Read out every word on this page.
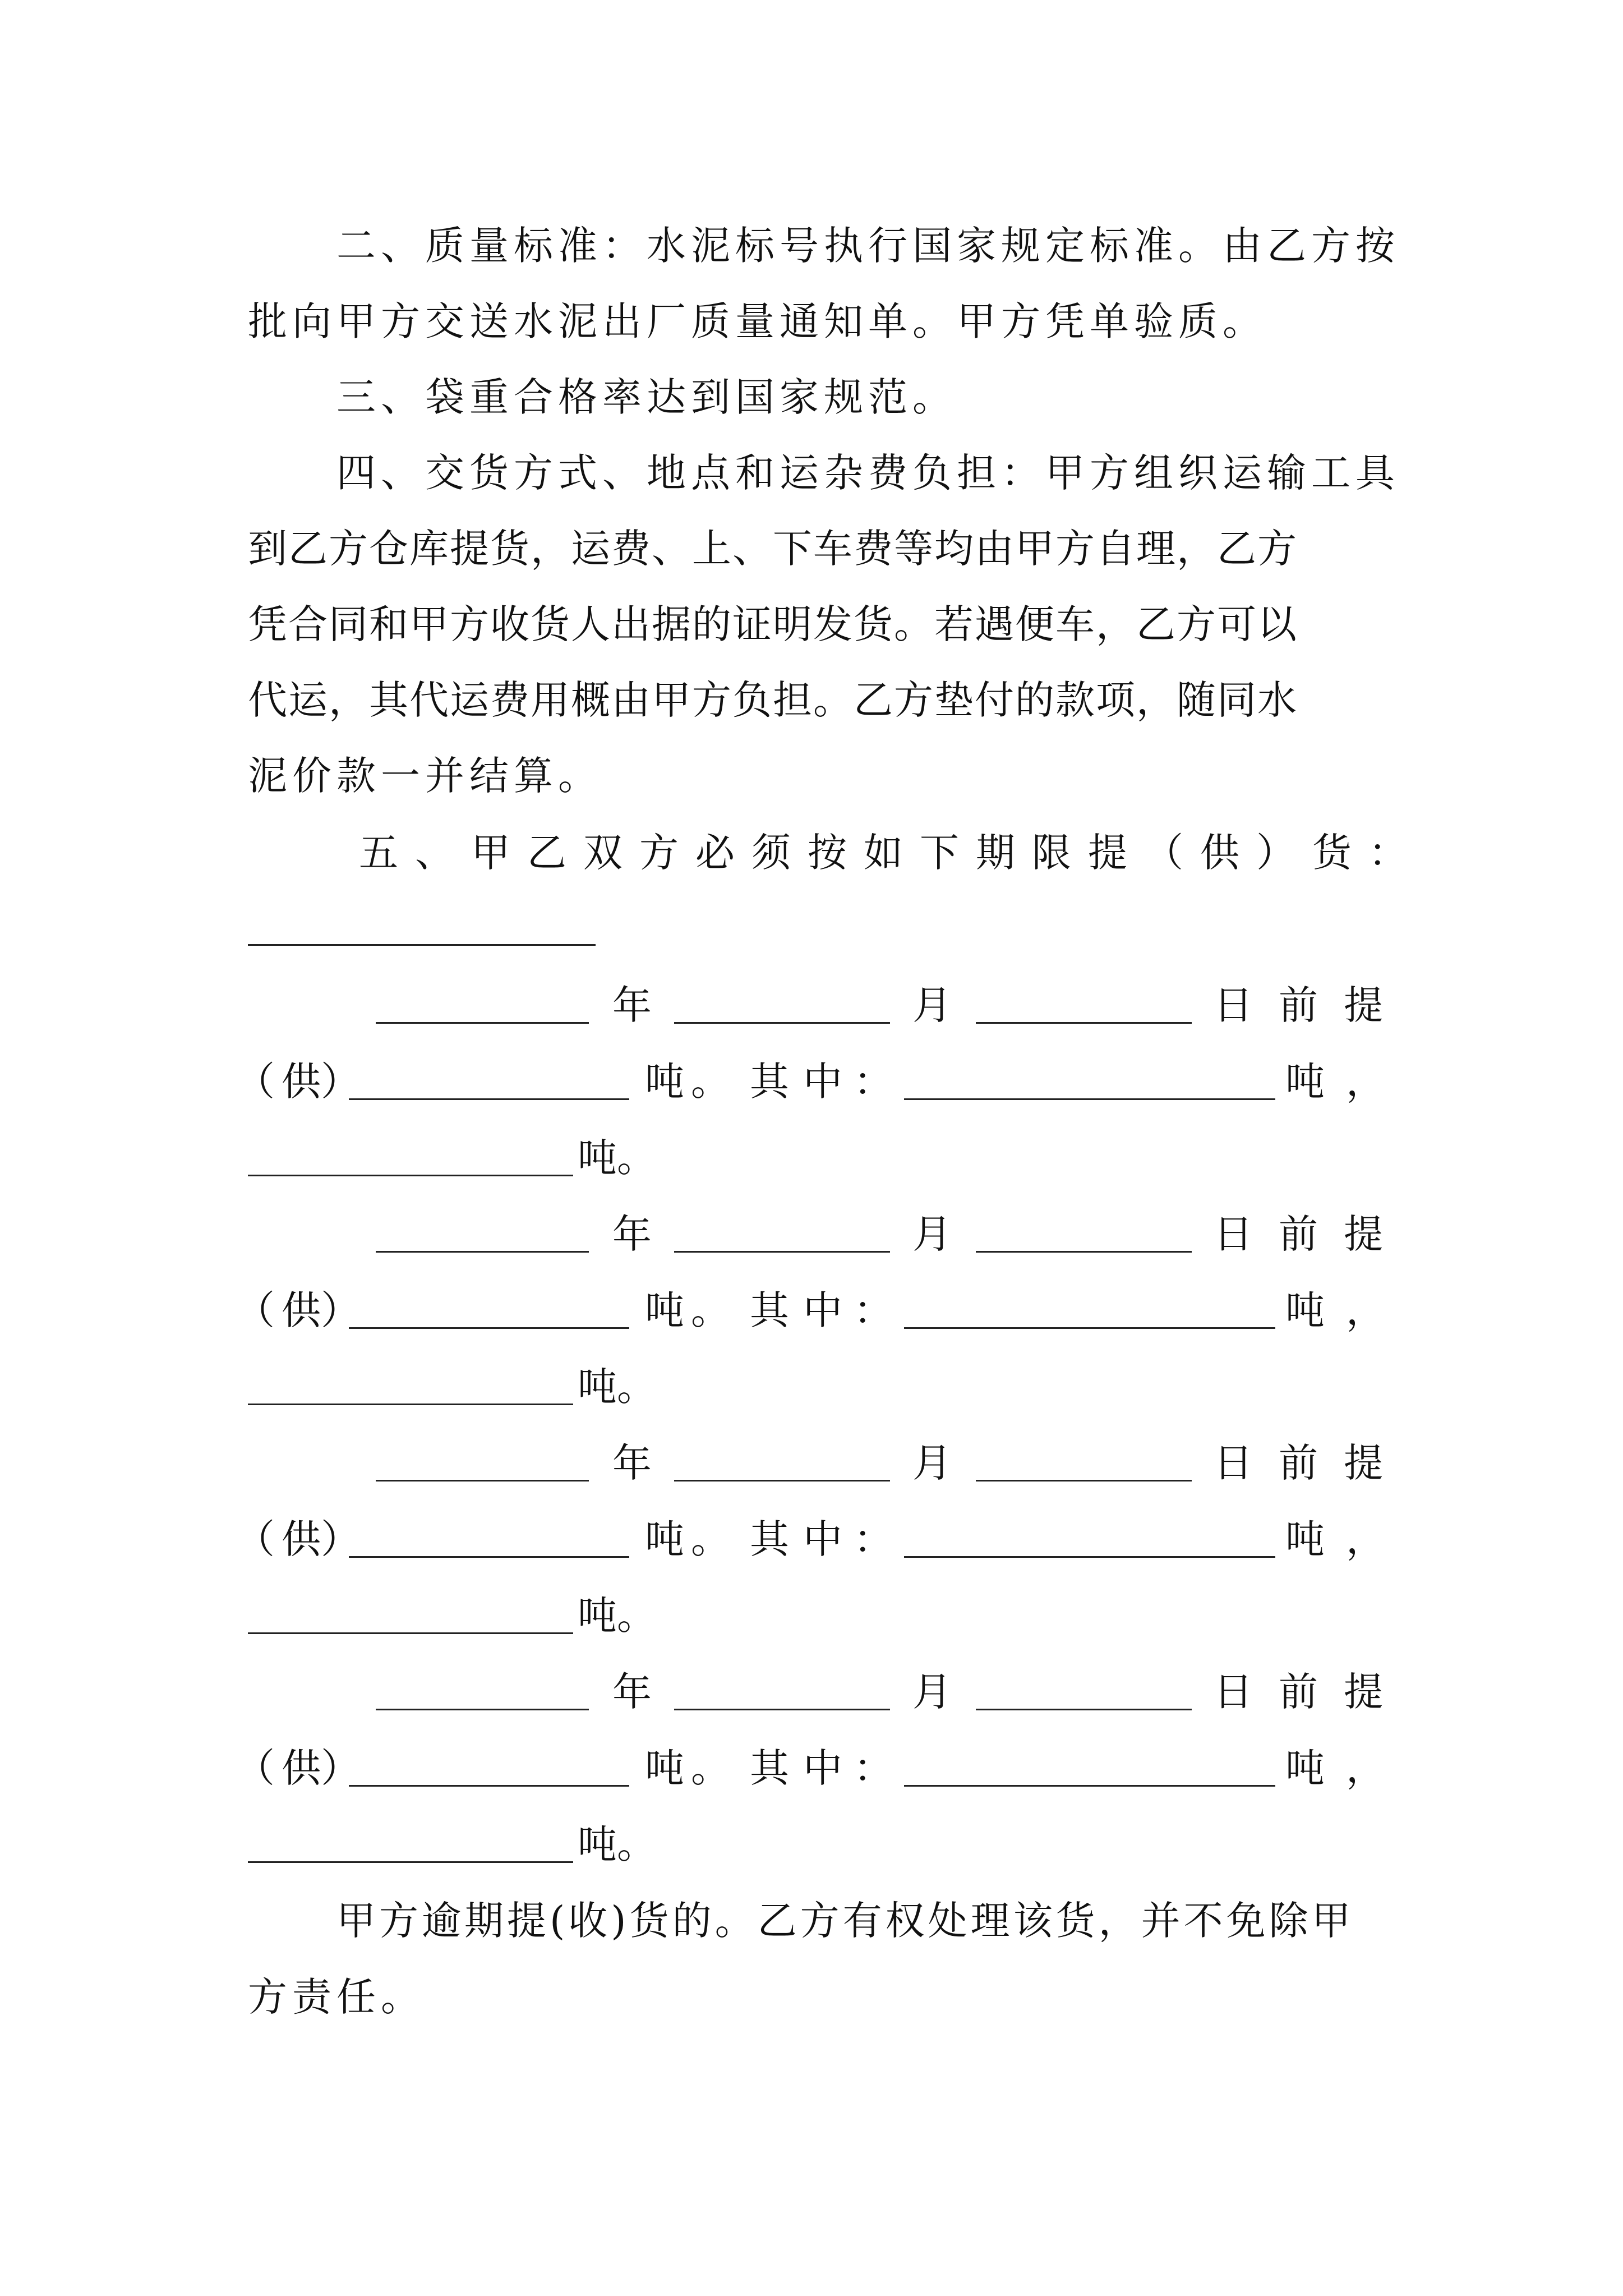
二、质量标准：水泥标号执行国家规定标准。由乙方按
批向甲方交送水泥出厂质量通知单。甲方凭单验质。
三、袋重合格率达到国家规范。
四、交货方式、地点和运杂费负担：甲方组织运输工具
到乙方仓库提货，运费、上、下车费等均由甲方自理，乙方
凭合同和甲方收货人出据的证明发货。若遇便车，乙方可以
代运，其代运费用概由甲方负担。乙方垫付的款项，随同水
泥价款一并结算。
五、甲乙双方必须按如下期限提（供）货：
年	月	日 前 提
（ 供 ）	吨 。 其 中 ：	吨 ，
吨。
年	月	日 前 提
（ 供 ）	吨 。 其 中 ：	吨 ，
吨。
年	月	日 前 提
（ 供 ）	吨 。 其 中 ：	吨 ，
吨。
年	月	日 前 提
（ 供 ）	吨 。 其 中 ：	吨 ，
吨。
甲方逾期提(收)货的。乙方有权处理该货，并不免除甲
方责任。
